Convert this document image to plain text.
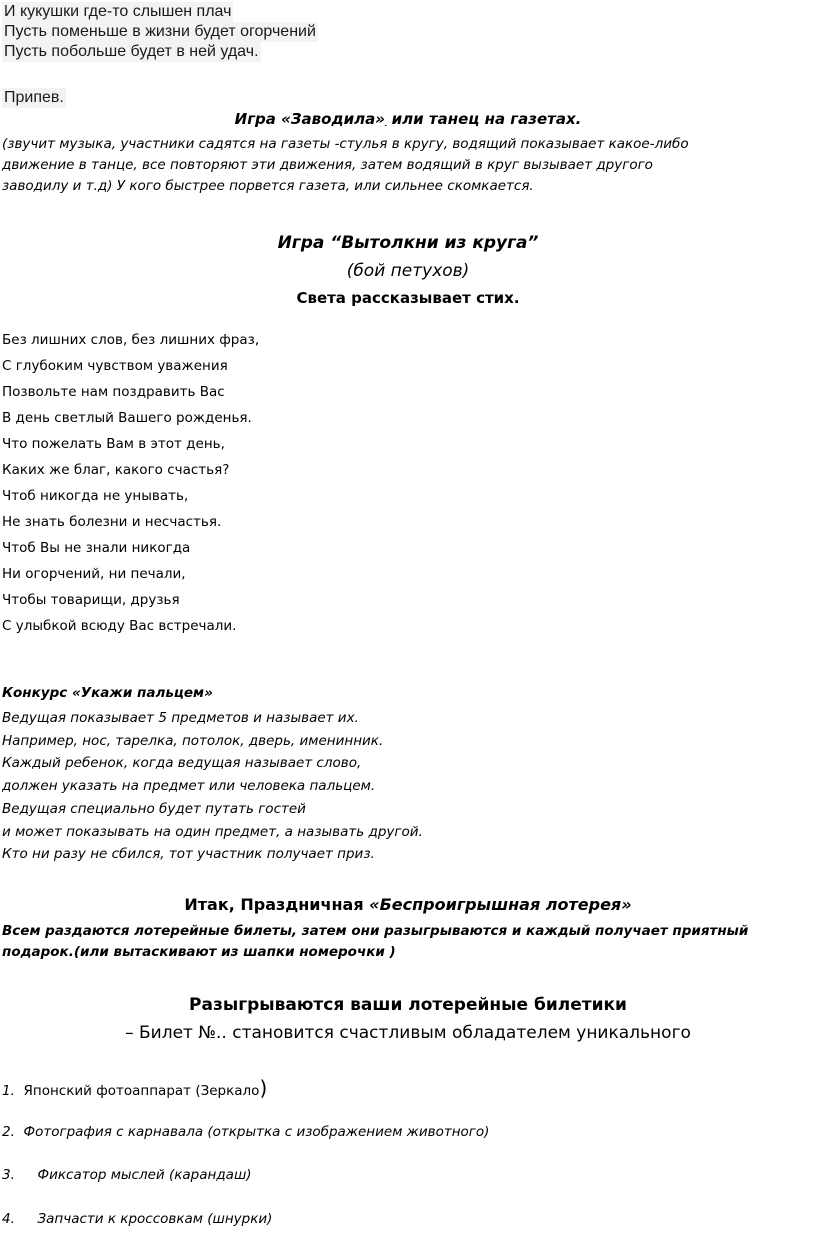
И кукушки где-то слышен плач
Пусть поменьше в жизни будет огорчений
Пусть побольше будет в ней удач.
Припев.
Игра «Заводила»  или танец на газетах.
(звучит музыка, участники садятся на газеты -стулья в кругу, водящий показывает какое-либо
движение в танце, все повторяют эти движения, затем водящий в круг вызывает другого
заводилу и т.д) У кого быстрее порвется газета, или сильнее скомкается.
Игра “Вытолкни из круга”
(бой петухов)
Света рассказывает стих.
Без лишних слов, без лишних фраз,
С глубоким чувством уважения
Позвольте нам поздравить Вас
В день светлый Вашего рожденья.
Что пожелать Вам в этот день,
Каких же благ, какого счастья?
Чтоб никогда не унывать,
Не знать болезни и несчастья.
Чтоб Вы не знали никогда
Ни огорчений, ни печали,
Чтобы товарищи, друзья
С улыбкой всюду Вас встречали.
Конкурс «Укажи пальцем»
Ведущая показывает 5 предметов и называет их.
Например, нос, тарелка, потолок, дверь, именинник.
Каждый ребенок, когда ведущая называет слово,
должен указать на предмет или человека пальцем.
Ведущая специально будет путать гостей
и может показывать на один предмет, а называть другой.
Кто ни разу не сбился, тот участник получает приз.
Итак, Праздничная «Беспроигрышная лотерея»
Всем раздаются лотерейные билеты, затем они разыгрываются и каждый получает приятный
подарок.(или вытаскивают из шапки номерочки )
Разыгрываются ваши лотерейные билетики
– Билет №.. становится счастливым обладателем уникального
1. Японский фотоаппарат (Зеркало)
2. Фотография с карнавала (открытка с изображением животного)
3. Фиксатор мыслей (карандаш)
4. Запчасти к кроссовкам (шнурки)
